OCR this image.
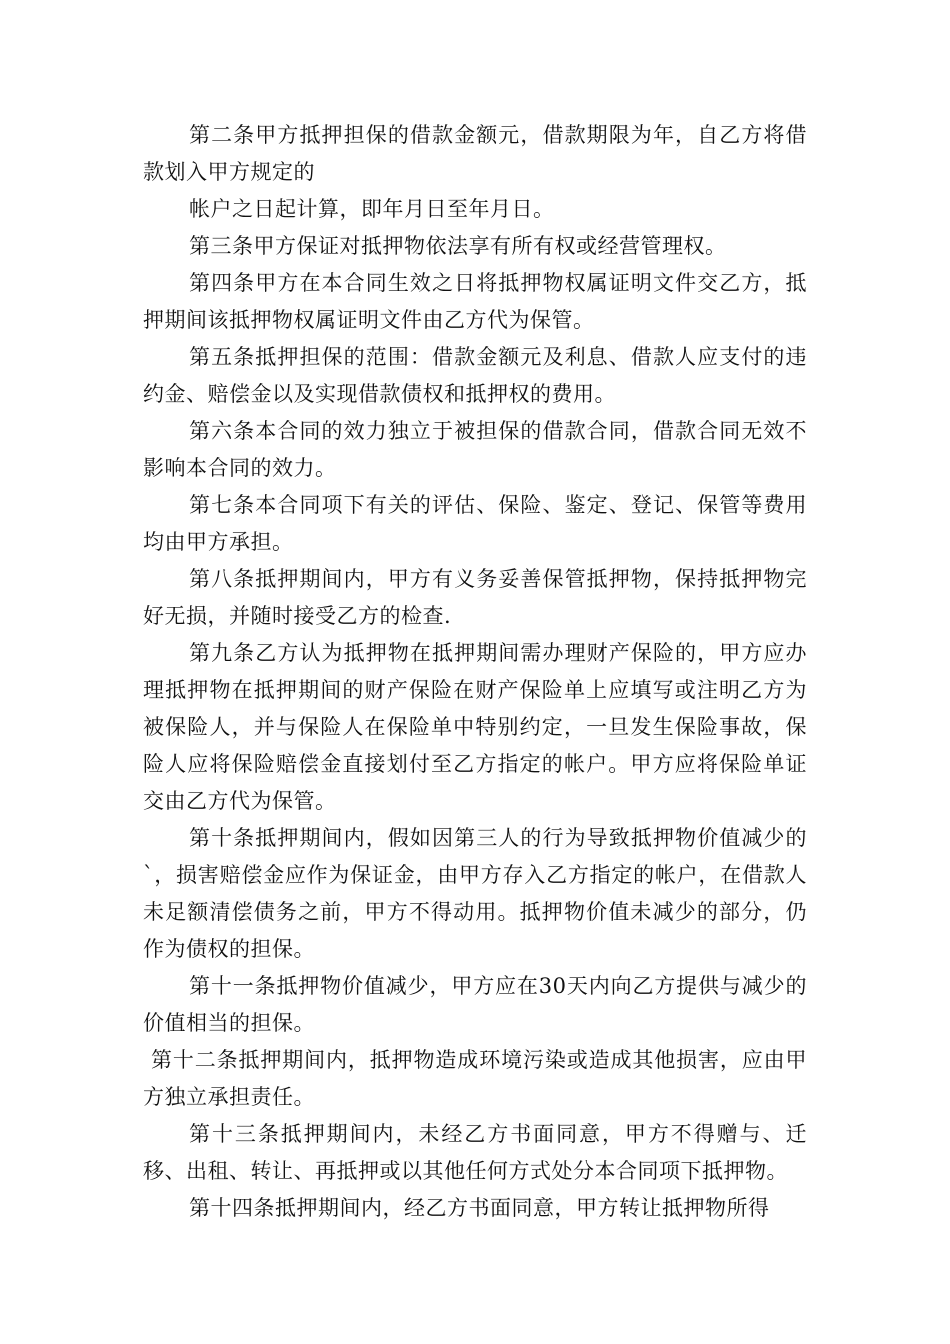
第二条甲方抵押担保的借款金额元，借款期限为年，自乙方将借款划入甲方规定的

帐户之日起计算，即年月日至年月日。

第三条甲方保证对抵押物依法享有所有权或经营管理权。

第四条甲方在本合同生效之日将抵押物权属证明文件交乙方，抵押期间该抵押物权属证明文件由乙方代为保管。

第五条抵押担保的范围：借款金额元及利息、借款人应支付的违约金、赔偿金以及实现借款债权和抵押权的费用。

第六条本合同的效力独立于被担保的借款合同，借款合同无效不影响本合同的效力。

第七条本合同项下有关的评估、保险、鉴定、登记、保管等费用均由甲方承担。

第八条抵押期间内，甲方有义务妥善保管抵押物，保持抵押物完好无损，并随时接受乙方的检查.

第九条乙方认为抵押物在抵押期间需办理财产保险的，甲方应办理抵押物在抵押期间的财产保险在财产保险单上应填写或注明乙方为被保险人，并与保险人在保险单中特别约定，一旦发生保险事故，保险人应将保险赔偿金直接划付至乙方指定的帐户。甲方应将保险单证交由乙方代为保管。

第十条抵押期间内，假如因第三人的行为导致抵押物价值减少的`，损害赔偿金应作为保证金，由甲方存入乙方指定的帐户，在借款人未足额清偿债务之前，甲方不得动用。抵押物价值未减少的部分，仍作为债权的担保。

第十一条抵押物价值减少，甲方应在30天内向乙方提供与减少的价值相当的担保。

第十二条抵押期间内，抵押物造成环境污染或造成其他损害，应由甲方独立承担责任。

第十三条抵押期间内，未经乙方书面同意，甲方不得赠与、迁移、出租、转让、再抵押或以其他任何方式处分本合同项下抵押物。

第十四条抵押期间内，经乙方书面同意，甲方转让抵押物所得
